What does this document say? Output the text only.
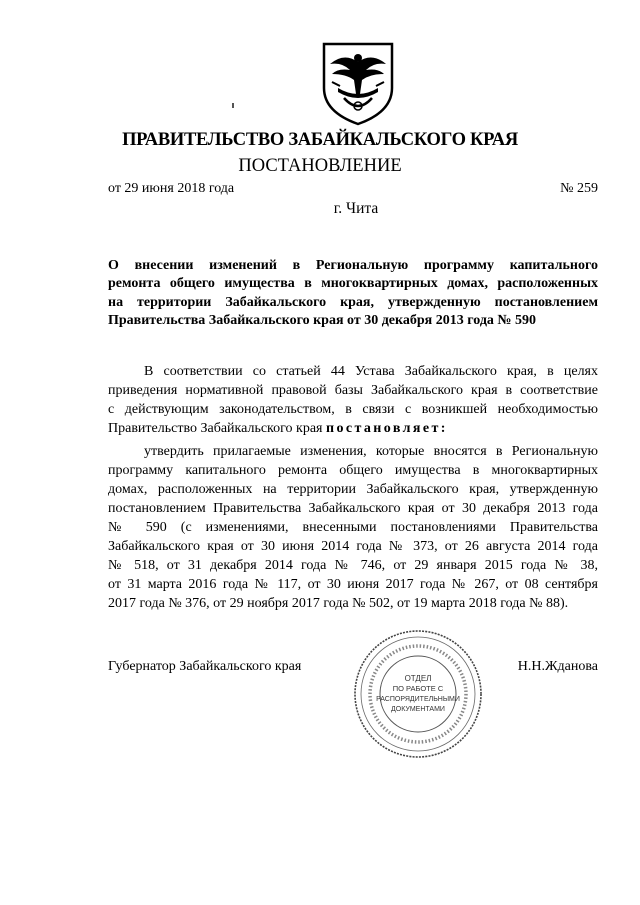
ПРАВИТЕЛЬСТВО ЗАБАЙКАЛЬСКОГО КРАЯ
ПОСТАНОВЛЕНИЕ
от 29 июня 2018 года	№ 259
г. Чита
О внесении изменений в Региональную программу капитального
ремонта общего имущества в многоквартирных домах, расположенных
на территории Забайкальского края, утвержденную постановлением
Правительства Забайкальского края от 30 декабря 2013 года № 590
В соответствии со статьей 44 Устава Забайкальского края, в целях
приведения нормативной правовой базы Забайкальского края в соответствие
с действующим законодательством, в связи с возникшей необходимостью
Правительство Забайкальского края постановляет:
утвердить прилагаемые изменения, которые вносятся в Региональную
программу капитального ремонта общего имущества в многоквартирных
домах, расположенных на территории Забайкальского края, утвержденную
постановлением Правительства Забайкальского края от 30 декабря 2013 года
№ 590 (с изменениями, внесенными постановлениями Правительства
Забайкальского края от 30 июня 2014 года № 373, от 26 августа 2014 года
№ 518, от 31 декабря 2014 года № 746, от 29 января 2015 года № 38,
от 31 марта 2016 года № 117, от 30 июня 2017 года № 267, от 08 сентября
2017 года № 376, от 29 ноября 2017 года № 502, от 19 марта 2018 года № 88).
Губернатор Забайкальского края	Н.Н.Жданова
ОТДЕЛ
ПО РАБОТЕ С
РАСПОРЯДИТЕЛЬНЫМИ
ДОКУМЕНТАМИ
